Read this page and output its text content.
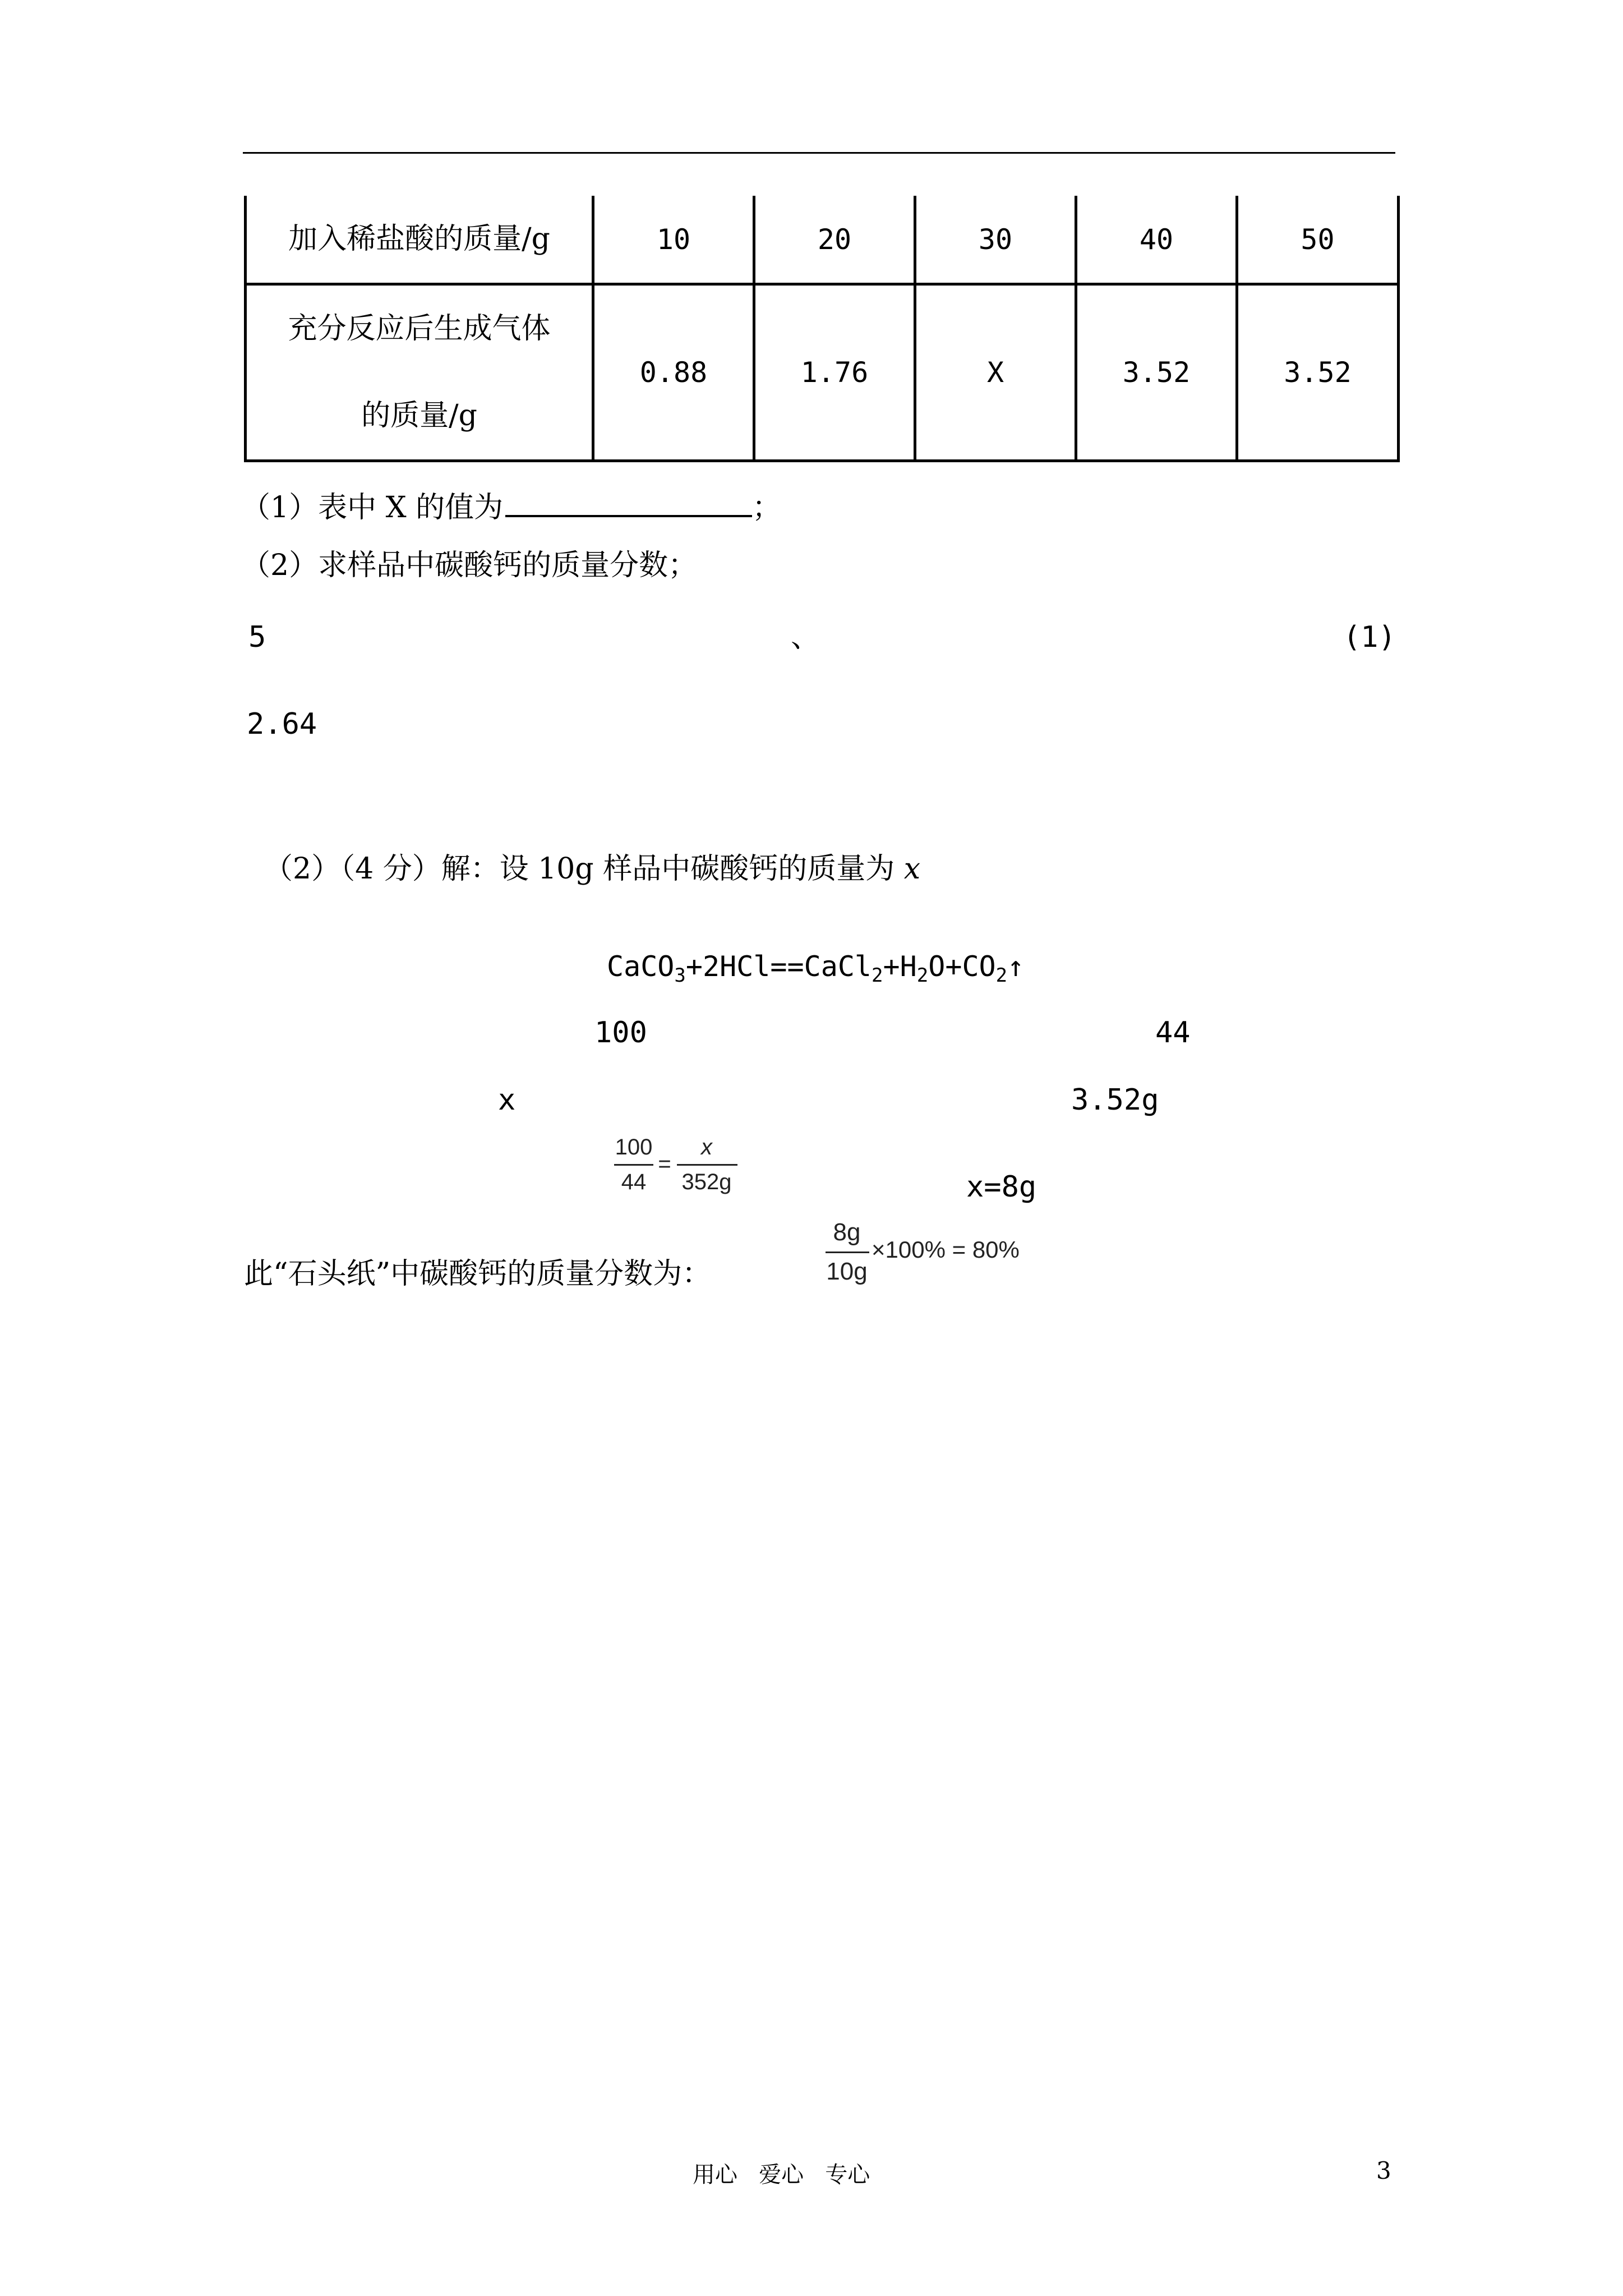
加入稀盐酸的质量/g	10	20	30	40	50

充分反应后生成气体
的质量/g	0.88	1.76	X	3.52	3.52
（1）表中 X 的值为	；
（2）求样品中碳酸钙的质量分数；
5	、	(1)
2.64
（2）（4 分）解：设 10g 样品中碳酸钙的质量为 x
$CaCO_3+2HCl==CaCl_2+H_2O+CO_2↑$
100	44
x	3.52g
100
44
=
x
352g	x=8g
此“石头纸”中碳酸钙的质量分数为：
8g
10g
×100% = 80%
用心   爱心   专心	3
